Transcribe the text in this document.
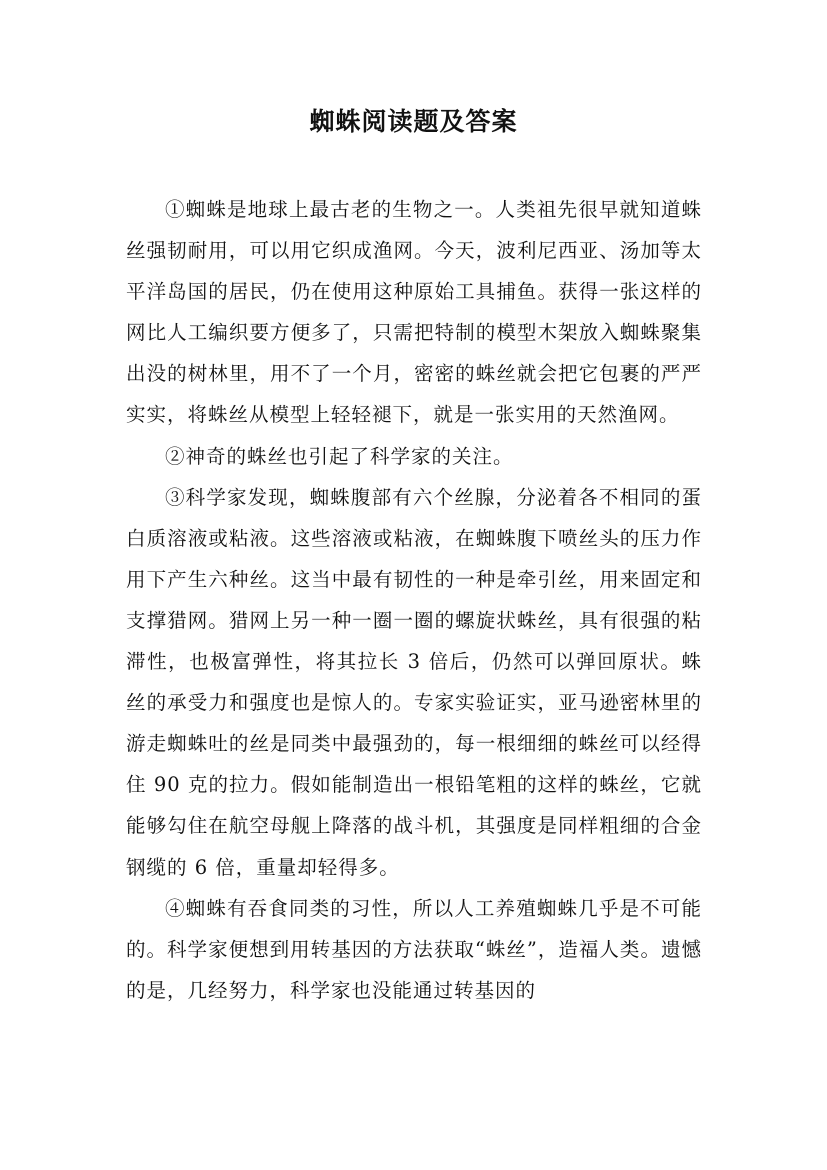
蜘蛛阅读题及答案

①蜘蛛是地球上最古老的生物之一。人类祖先很早就知道蛛丝强韧耐用，可以用它织成渔网。今天，波利尼西亚、汤加等太平洋岛国的居民，仍在使用这种原始工具捕鱼。获得一张这样的网比人工编织要方便多了，只需把特制的模型木架放入蜘蛛聚集出没的树林里，用不了一个月，密密的蛛丝就会把它包裹的严严实实，将蛛丝从模型上轻轻褪下，就是一张实用的天然渔网。

②神奇的蛛丝也引起了科学家的关注。

③科学家发现，蜘蛛腹部有六个丝腺，分泌着各不相同的蛋白质溶液或粘液。这些溶液或粘液，在蜘蛛腹下喷丝头的压力作用下产生六种丝。这当中最有韧性的一种是牵引丝，用来固定和支撑猎网。猎网上另一种一圈一圈的螺旋状蛛丝，具有很强的粘滞性，也极富弹性，将其拉长 3 倍后，仍然可以弹回原状。蛛丝的承受力和强度也是惊人的。专家实验证实，亚马逊密林里的游走蜘蛛吐的丝是同类中最强劲的，每一根细细的蛛丝可以经得住 90 克的拉力。假如能制造出一根铅笔粗的这样的蛛丝，它就能够勾住在航空母舰上降落的战斗机，其强度是同样粗细的合金钢缆的 6 倍，重量却轻得多。

④蜘蛛有吞食同类的习性，所以人工养殖蜘蛛几乎是不可能的。科学家便想到用转基因的方法获取“蛛丝”，造福人类。遗憾的是，几经努力，科学家也没能通过转基因的
